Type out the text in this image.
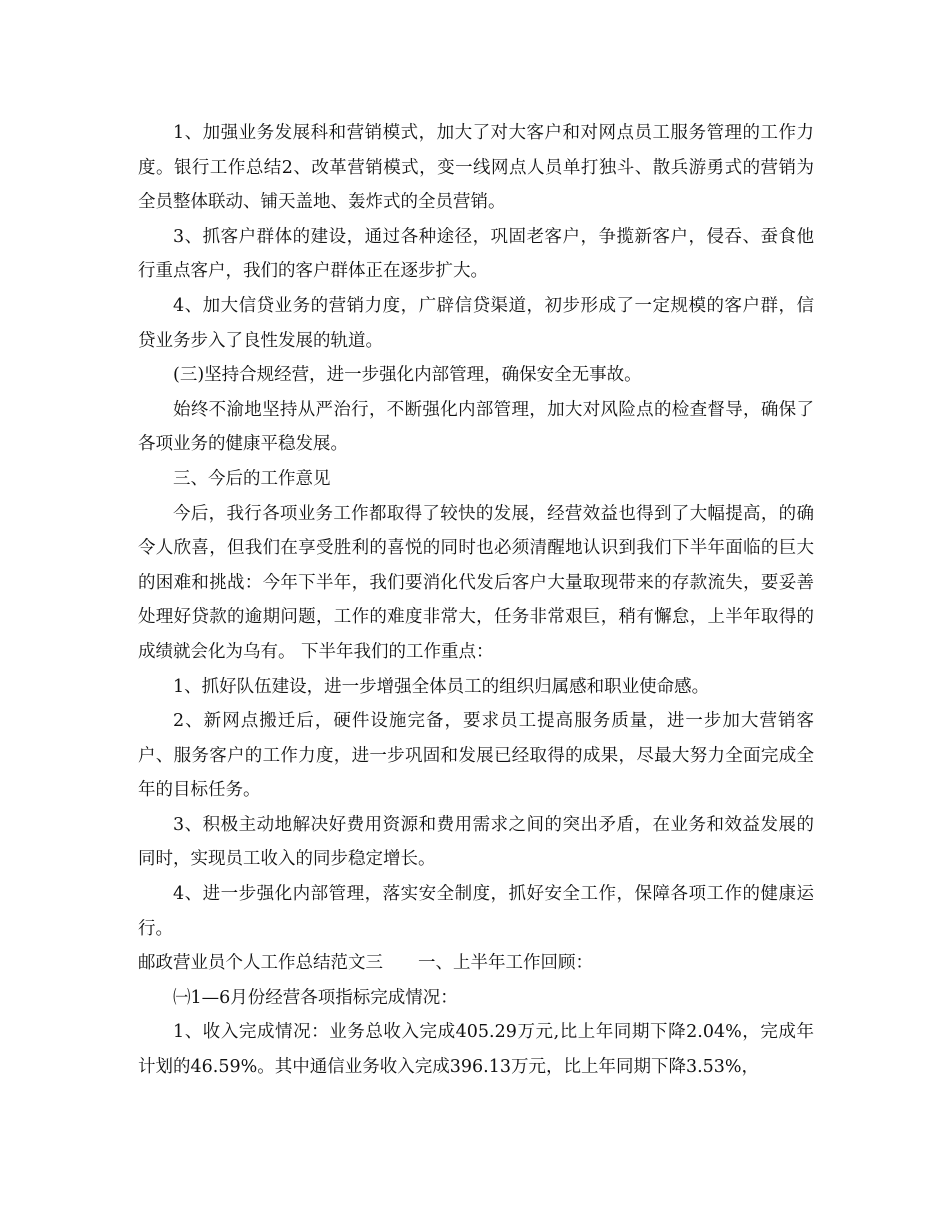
1、加强业务发展科和营销模式，加大了对大客户和对网点员工服务管理的工作力度。银行工作总结2、改革营销模式，变一线网点人员单打独斗、散兵游勇式的营销为全员整体联动、铺天盖地、轰炸式的全员营销。

3、抓客户群体的建设，通过各种途径，巩固老客户，争揽新客户，侵吞、蚕食他行重点客户，我们的客户群体正在逐步扩大。

4、加大信贷业务的营销力度，广辟信贷渠道，初步形成了一定规模的客户群，信贷业务步入了良性发展的轨道。

(三)坚持合规经营，进一步强化内部管理，确保安全无事故。

始终不渝地坚持从严治行，不断强化内部管理，加大对风险点的检查督导，确保了各项业务的健康平稳发展。

三、今后的工作意见

今后，我行各项业务工作都取得了较快的发展，经营效益也得到了大幅提高，的确令人欣喜，但我们在享受胜利的喜悦的同时也必须清醒地认识到我们下半年面临的巨大的困难和挑战：今年下半年，我们要消化代发后客户大量取现带来的存款流失，要妥善处理好贷款的逾期问题，工作的难度非常大，任务非常艰巨，稍有懈怠，上半年取得的成绩就会化为乌有。 下半年我们的工作重点：

1、抓好队伍建设，进一步增强全体员工的组织归属感和职业使命感。

2、新网点搬迁后，硬件设施完备，要求员工提高服务质量，进一步加大营销客户、服务客户的工作力度，进一步巩固和发展已经取得的成果，尽最大努力全面完成全年的目标任务。

3、积极主动地解决好费用资源和费用需求之间的突出矛盾，在业务和效益发展的同时，实现员工收入的同步稳定增长。

4、进一步强化内部管理，落实安全制度，抓好安全工作，保障各项工作的健康运行。

邮政营业员个人工作总结范文三　　一、上半年工作回顾：

㈠1—6月份经营各项指标完成情况：

1、收入完成情况：业务总收入完成405.29万元,比上年同期下降2.04%，完成年计划的46.59%。其中通信业务收入完成396.13万元，比上年同期下降3.53%，
